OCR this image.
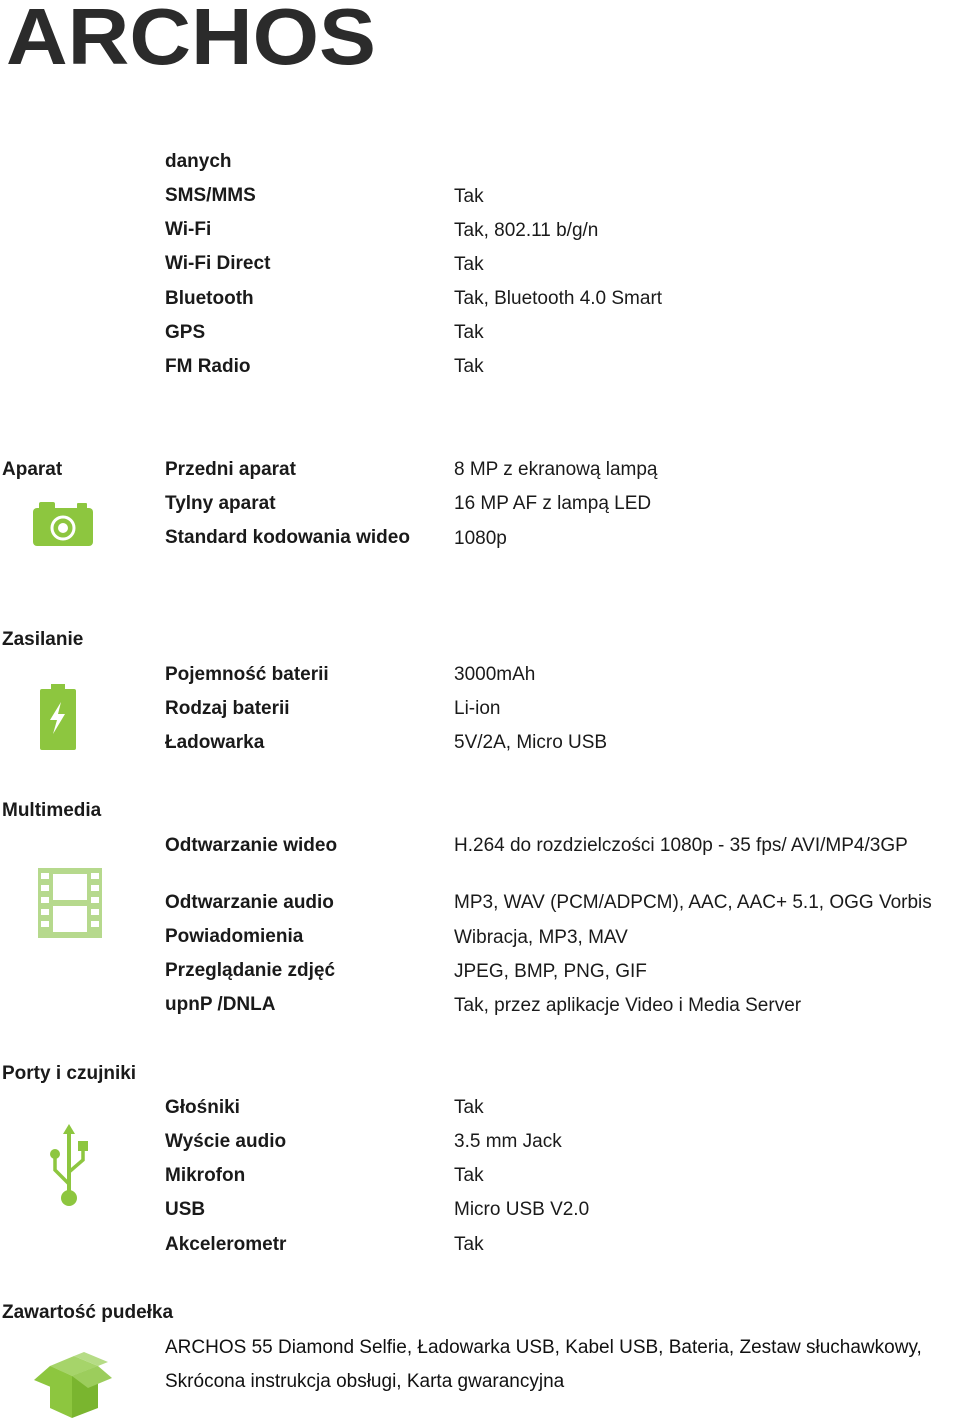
ARCHOS
danych
SMS/MMS	Tak
Wi-Fi	Tak, 802.11 b/g/n
Wi-Fi Direct	Tak
Bluetooth	Tak, Bluetooth 4.0 Smart
GPS	Tak
FM Radio	Tak
Aparat	Przedni aparat	8 MP z ekranową lampą
Tylny aparat	16 MP AF z lampą LED
Standard kodowania wideo 1080p
Zasilanie
Pojemność baterii	3000mAh
Rodzaj baterii	Li-ion
Ładowarka	5V/2A, Micro USB
Multimedia
Odtwarzanie wideo	H.264 do rozdzielczości 1080p - 35 fps/ AVI/MP4/3GP
Odtwarzanie audio	MP3, WAV (PCM/ADPCM), AAC, AAC+ 5.1, OGG Vorbis
Powiadomienia	Wibracja, MP3, MAV
Przeglądanie zdjęć	JPEG, BMP, PNG, GIF
upnP /DNLA	Tak, przez aplikacje Video i Media Server
Porty i czujniki
Głośniki	Tak
Wyście audio	3.5 mm Jack
Mikrofon	Tak
USB	Micro USB V2.0
Akcelerometr	Tak
Zawartość pudełka
ARCHOS 55 Diamond Selfie, Ładowarka USB, Kabel USB, Bateria, Zestaw słuchawkowy,
Skrócona instrukcja obsługi, Karta gwarancyjna
